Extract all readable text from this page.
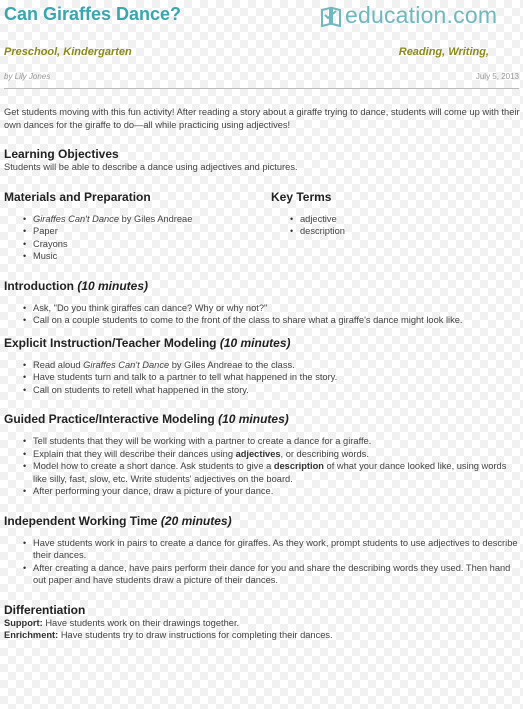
Can Giraffes Dance?	education.com
Preschool, Kindergarten	Reading, Writing,
by Lily Jones	July 5, 2013

Get students moving with this fun activity! After reading a story about a giraffe trying to dance, students will come up with their own dances for the giraffe to do—all while practicing using adjectives!

Learning Objectives

Students will be able to describe a dance using adjectives and pictures.

Materials and Preparation
• Giraffes Can't Dance by Giles Andreae
• Paper
• Crayons
• Music
Key Terms
• adjective
• description
Introduction (10 minutes)
• Ask, "Do you think giraffes can dance? Why or why not?"
• Call on a couple students to come to the front of the class to share what a giraffe's dance might look like.
Explicit Instruction/Teacher Modeling (10 minutes)
• Read aloud Giraffes Can't Dance by Giles Andreae to the class.
• Have students turn and talk to a partner to tell what happened in the story.
• Call on students to retell what happened in the story.
Guided Practice/Interactive Modeling (10 minutes)
• Tell students that they will be working with a partner to create a dance for a giraffe.
• Explain that they will describe their dances using adjectives, or describing words.
• Model how to create a short dance. Ask students to give a description of what your dance looked like, using words like silly, fast, slow, etc. Write students' adjectives on the board.
• After performing your dance, draw a picture of your dance.
Independent Working Time (20 minutes)
• Have students work in pairs to create a dance for giraffes. As they work, prompt students to use adjectives to describe their dances.
• After creating a dance, have pairs perform their dance for you and share the describing words they used. Then hand out paper and have students draw a picture of their dances.
Differentiation

Support: Have students work on their drawings together.

Enrichment: Have students try to draw instructions for completing their dances.
